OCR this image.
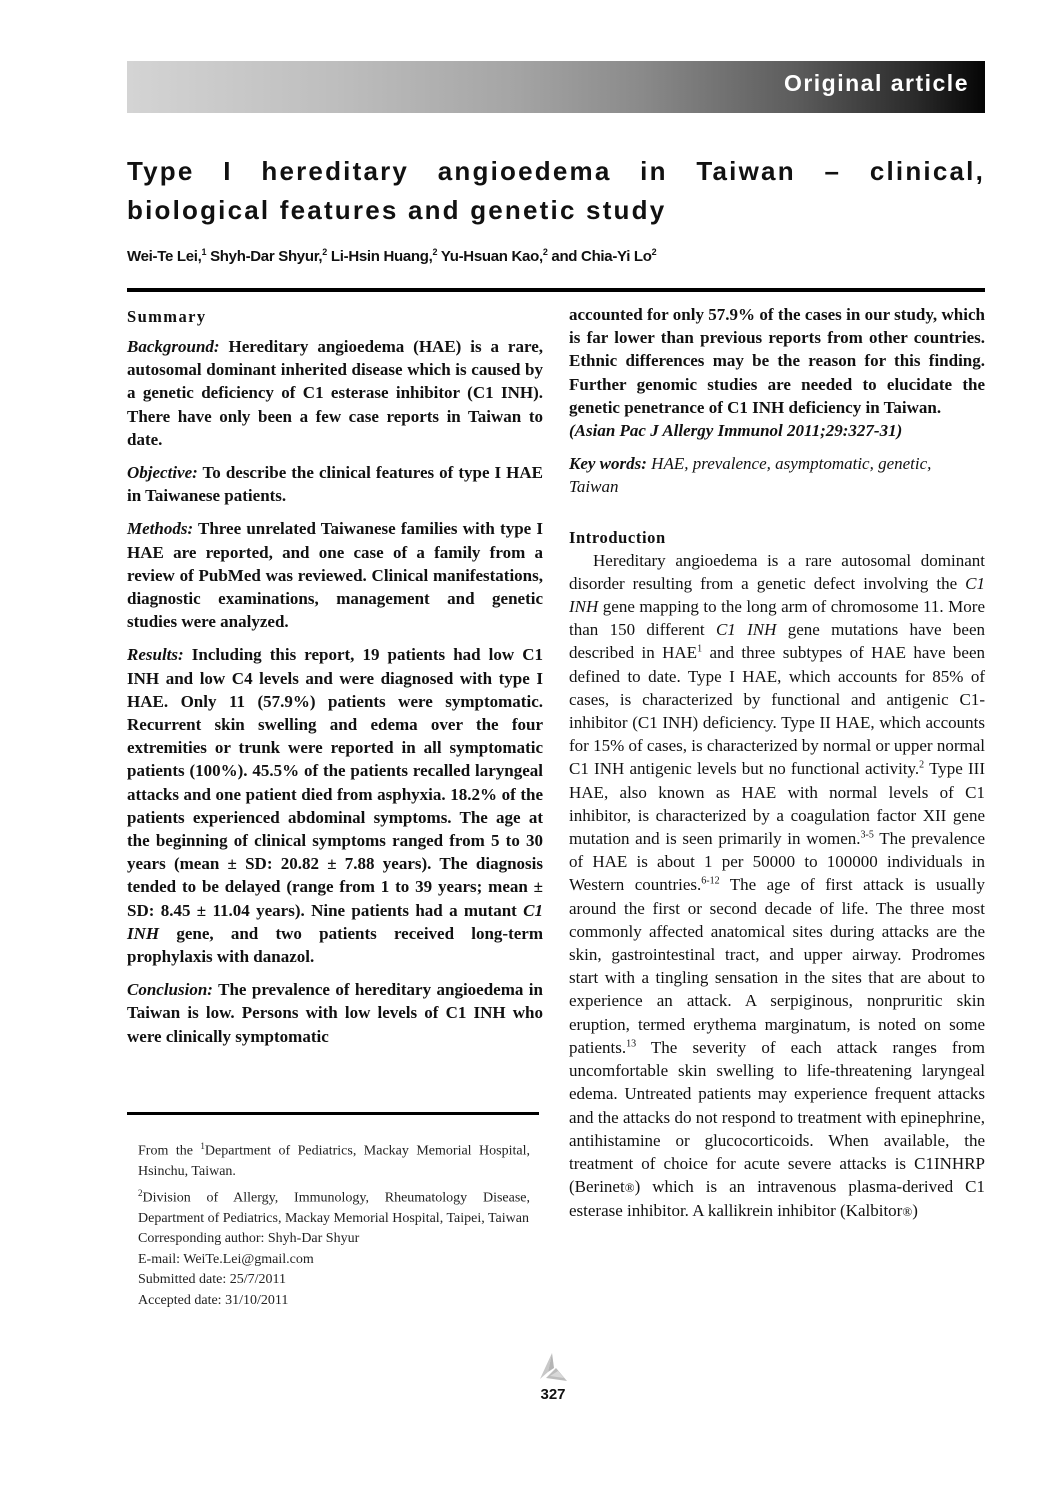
Original article
Type I hereditary angioedema in Taiwan – clinical, biological features and genetic study

Wei-Te Lei,$^1$ Shyh-Dar Shyur,$^2$ Li-Hsin Huang,$^2$ Yu-Hsuan Kao,$^2$ and Chia-Yi Lo$^2$

Summary

Background: Hereditary angioedema (HAE) is a rare, autosomal dominant inherited disease which is caused by a genetic deficiency of C1 esterase inhibitor (C1 INH). There have only been a few case reports in Taiwan to date.

Objective: To describe the clinical features of type I HAE in Taiwanese patients.

Methods: Three unrelated Taiwanese families with type I HAE are reported, and one case of a family from a review of PubMed was reviewed. Clinical manifestations, diagnostic examinations, management and genetic studies were analyzed.

Results: Including this report, 19 patients had low C1 INH and low C4 levels and were diagnosed with type I HAE. Only 11 (57.9%) patients were symptomatic. Recurrent skin swelling and edema over the four extremities or trunk were reported in all symptomatic patients (100%). 45.5% of the patients recalled laryngeal attacks and one patient died from asphyxia. 18.2% of the patients experienced abdominal symptoms. The age at the beginning of clinical symptoms ranged from 5 to 30 years (mean ± SD: 20.82 ± 7.88 years). The diagnosis tended to be delayed (range from 1 to 39 years; mean ± SD: 8.45 ± 11.04 years). Nine patients had a mutant C1 INH gene, and two patients received long-term prophylaxis with danazol.

Conclusion: The prevalence of hereditary angioedema in Taiwan is low. Persons with low levels of C1 INH who were clinically symptomatic

From the $^1$Department of Pediatrics, Mackay Memorial Hospital, Hsinchu, Taiwan.

$^2$Division of Allergy, Immunology, Rheumatology Disease, Department of Pediatrics, Mackay Memorial Hospital, Taipei, Taiwan

Corresponding author: Shyh-Dar Shyur

E-mail: WeiTe.Lei@gmail.com

Submitted date: 25/7/2011

Accepted date: 31/10/2011

accounted for only 57.9% of the cases in our study, which is far lower than previous reports from other countries. Ethnic differences may be the reason for this finding. Further genomic studies are needed to elucidate the genetic penetrance of C1 INH deficiency in Taiwan.
(Asian Pac J Allergy Immunol 2011;29:327-31)

Key words: HAE, prevalence, asymptomatic, genetic, Taiwan

Introduction

Hereditary angioedema is a rare autosomal dominant disorder resulting from a genetic defect involving the C1 INH gene mapping to the long arm of chromosome 11. More than 150 different C1 INH gene mutations have been described in HAE$^1$ and three subtypes of HAE have been defined to date. Type I HAE, which accounts for 85% of cases, is characterized by functional and antigenic C1-inhibitor (C1 INH) deficiency. Type II HAE, which accounts for 15% of cases, is characterized by normal or upper normal C1 INH antigenic levels but no functional activity.$^2$ Type III HAE, also known as HAE with normal levels of C1 inhibitor, is characterized by a coagulation factor XII gene mutation and is seen primarily in women.$^{3-5}$ The prevalence of HAE is about 1 per 50000 to 100000 individuals in Western countries.$^{6-12}$ The age of first attack is usually around the first or second decade of life. The three most commonly affected anatomical sites during attacks are the skin, gastrointestinal tract, and upper airway. Prodromes start with a tingling sensation in the sites that are about to experience an attack. A serpiginous, nonpruritic skin eruption, termed erythema marginatum, is noted on some patients.$^{13}$ The severity of each attack ranges from uncomfortable skin swelling to life-threatening laryngeal edema. Untreated patients may experience frequent attacks and the attacks do not respond to treatment with epinephrine, antihistamine or glucocorticoids. When available, the treatment of choice for acute severe attacks is C1INHRP (Berinet®) which is an intravenous plasma-derived C1 esterase inhibitor. A kallikrein inhibitor (Kalbitor®)

327
